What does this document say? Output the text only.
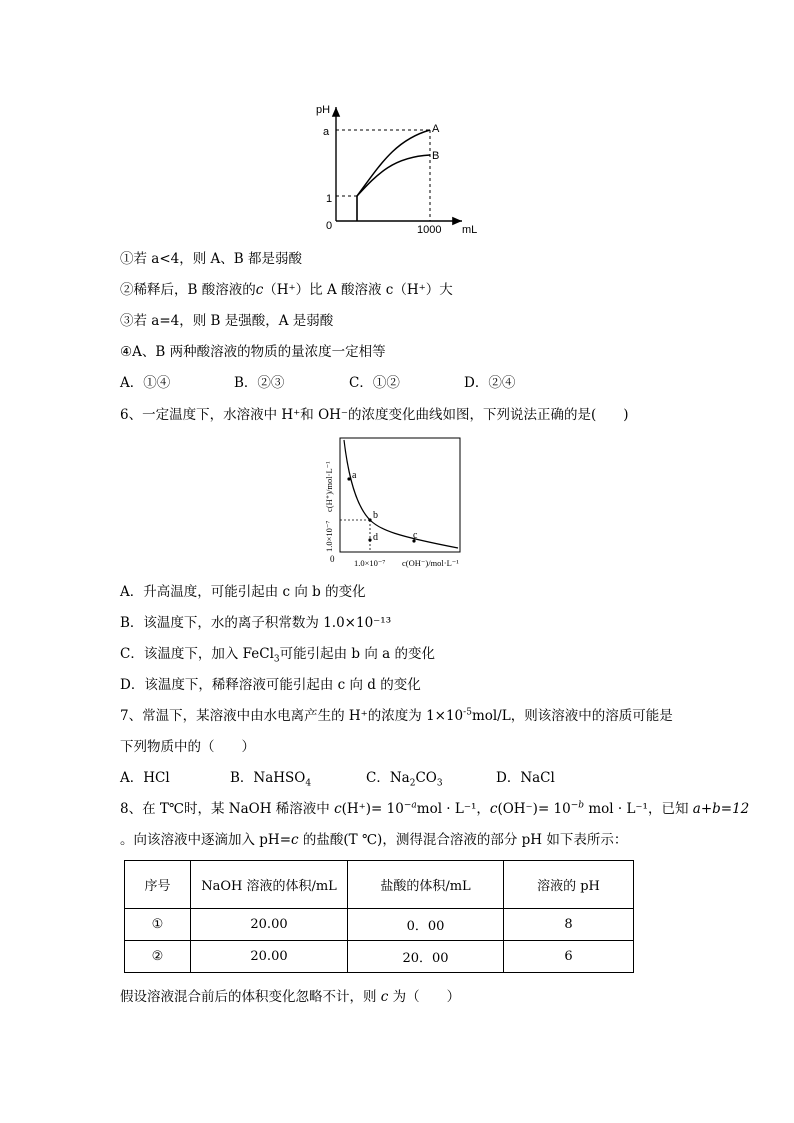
pH
mL
a
1
0	1000
A
B
①若 a<4，则 A、B 都是弱酸
②稀释后，B 酸溶液的c（H⁺）比 A 酸溶液 c（H⁺）大
③若 a=4，则 B 是强酸，A 是弱酸
④A、B 两种酸溶液的物质的量浓度一定相等
A．①④	B．②③	C．①②	D．②④
6、一定温度下，水溶液中 H⁺和 OH⁻的浓度变化曲线如图，下列说法正确的是(　　)
c(H⁺)/mol·L⁻¹
1.0×10⁻⁷
0 1.0×10⁻⁷ c(OH⁻)/mol·L⁻¹
a
b
c
d
A．升高温度，可能引起由 c 向 b 的变化
B．该温度下，水的离子积常数为 1.0×10⁻¹³
C．该温度下，加入 FeCl$_3$可能引起由 b 向 a 的变化
D．该温度下，稀释溶液可能引起由 c 向 d 的变化
7、常温下，某溶液中由水电离产生的 H⁺的浓度为 $1\times 10^{-5}mol/L$，则该溶液中的溶质可能是
下列物质中的（　　）
A．HCl	B．NaHSO$_4$	C．$Na_2CO_3$	D．NaCl
8、在 T℃时，某 NaOH 稀溶液中 $c(H^+)= 10^{-a}mol \cdot L^{-1}$，$c(OH^-)= 10^{-b}$ mol · L⁻¹，已知 a+b=12
。向该溶液中逐滴加入 pH=c 的盐酸(T ℃)，测得混合溶液的部分 pH 如下表所示：
序号	NaOH 溶液的体积/mL	盐酸的体积/mL	溶液的 pH
①	20.00	0．00	8
②	20.00	20．00	6
假设溶液混合前后的体积变化忽略不计，则 c 为（　　）
